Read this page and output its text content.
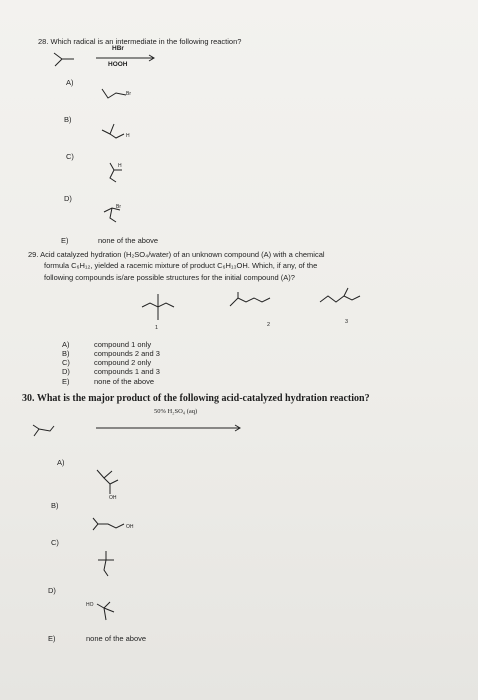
28. Which radical is an intermediate in the following reaction?
HBr
HOOH
A)
Br
B)
H
C)
H
D)
Br
E)	none of the above
29. Acid catalyzed hydration (H₂SO₄/water) of an unknown compound (A) with a chemical
formula C₆H₁₂, yielded a racemic mixture of product C₆H₁₃OH. Which, if any, of the
following compounds is/are possible structures for the initial compound (A)?
1	2	3
A)	compound 1 only
B)	compounds 2 and 3
C)	compound 2 only
D)	compounds 1 and 3
E)	none of the above
30. What is the major product of the following acid-catalyzed hydration reaction?
50% H₂SO₄ (aq)
A)
OH
B)
OH
C)
D)
HO
E)	none of the above
